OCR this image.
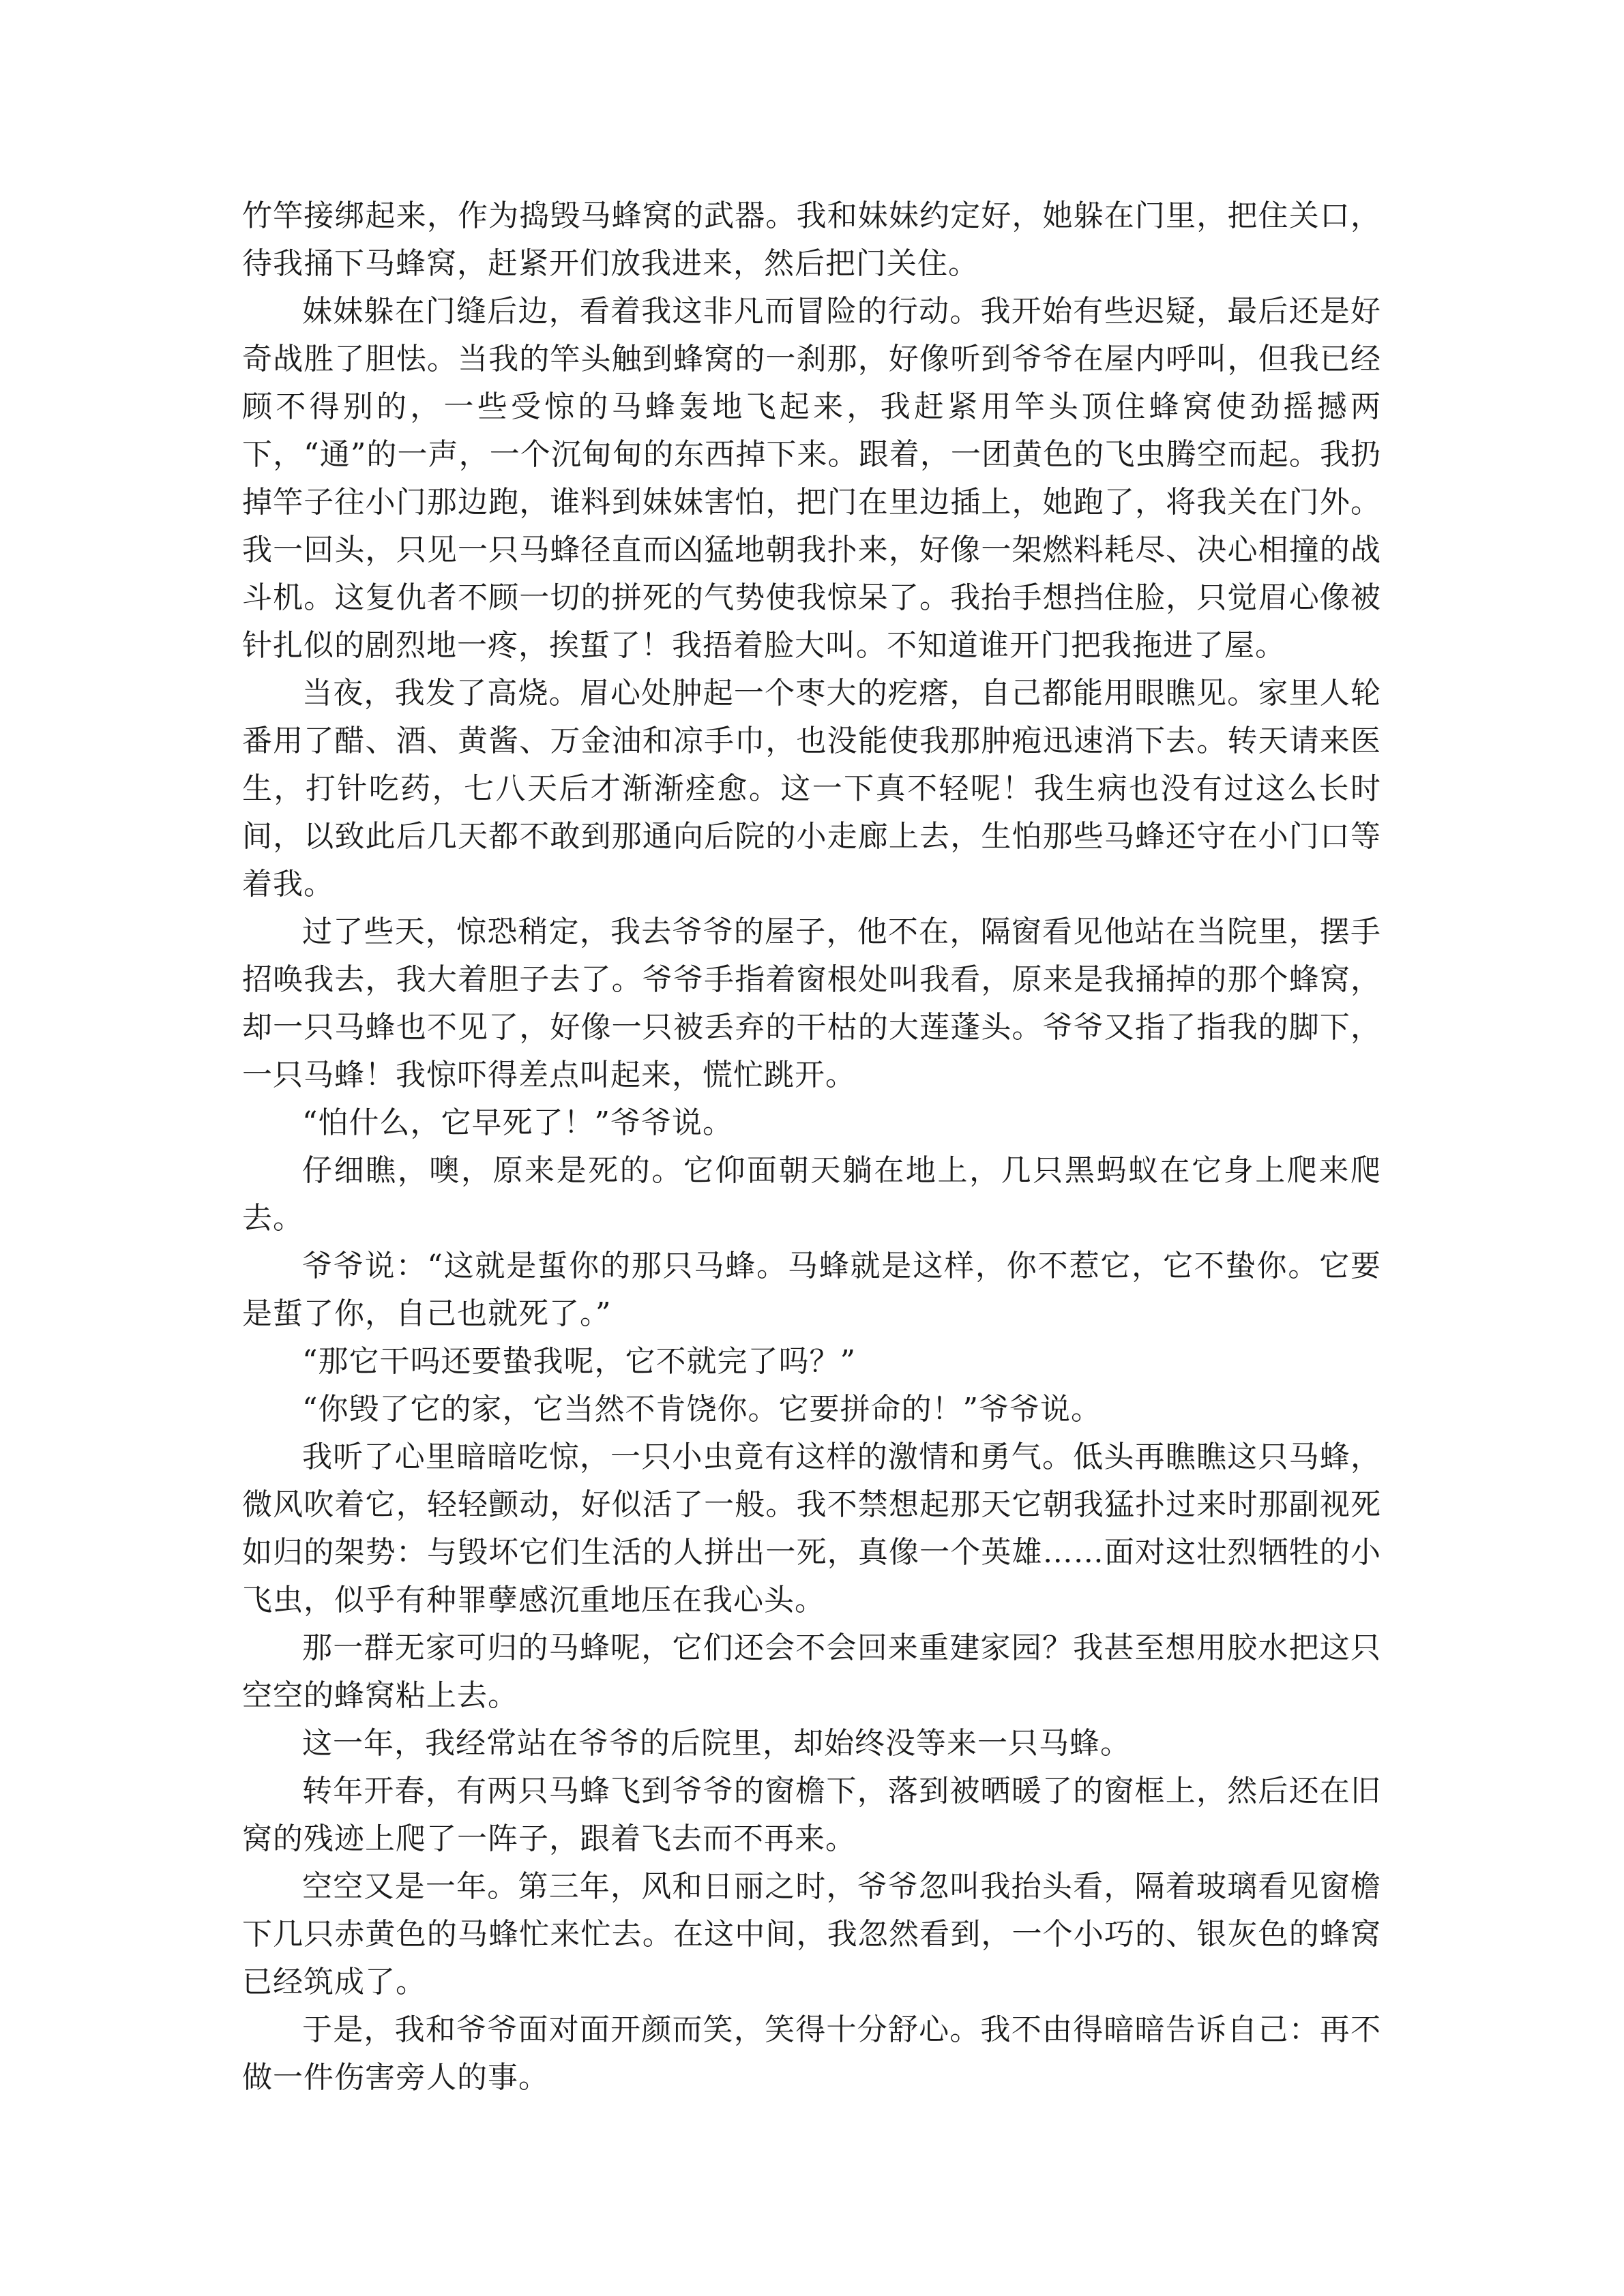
竹竿接绑起来，作为捣毁马蜂窝的武器。我和妹妹约定好，她躲在门里，把住关口，待我捅下马蜂窝，赶紧开们放我进来，然后把门关住。

妹妹躲在门缝后边，看着我这非凡而冒险的行动。我开始有些迟疑，最后还是好奇战胜了胆怯。当我的竿头触到蜂窝的一刹那，好像听到爷爷在屋内呼叫，但我已经顾不得别的，一些受惊的马蜂轰地飞起来，我赶紧用竿头顶住蜂窝使劲摇撼两下，“通”的一声，一个沉甸甸的东西掉下来。跟着，一团黄色的飞虫腾空而起。我扔掉竿子往小门那边跑，谁料到妹妹害怕，把门在里边插上，她跑了，将我关在门外。我一回头，只见一只马蜂径直而凶猛地朝我扑来，好像一架燃料耗尽、决心相撞的战斗机。这复仇者不顾一切的拼死的气势使我惊呆了。我抬手想挡住脸，只觉眉心像被针扎似的剧烈地一疼，挨蜇了！我捂着脸大叫。不知道谁开门把我拖进了屋。

当夜，我发了高烧。眉心处肿起一个枣大的疙瘩，自己都能用眼瞧见。家里人轮番用了醋、酒、黄酱、万金油和凉手巾，也没能使我那肿疱迅速消下去。转天请来医生，打针吃药，七八天后才渐渐痊愈。这一下真不轻呢！我生病也没有过这么长时间，以致此后几天都不敢到那通向后院的小走廊上去，生怕那些马蜂还守在小门口等着我。

过了些天，惊恐稍定，我去爷爷的屋子，他不在，隔窗看见他站在当院里，摆手招唤我去，我大着胆子去了。爷爷手指着窗根处叫我看，原来是我捅掉的那个蜂窝，却一只马蜂也不见了，好像一只被丢弃的干枯的大莲蓬头。爷爷又指了指我的脚下，一只马蜂！我惊吓得差点叫起来，慌忙跳开。

“怕什么，它早死了！”爷爷说。

仔细瞧，噢，原来是死的。它仰面朝天躺在地上，几只黑蚂蚁在它身上爬来爬去。

爷爷说：“这就是蜇你的那只马蜂。马蜂就是这样，你不惹它，它不蛰你。它要是蜇了你，自己也就死了。”

“那它干吗还要蛰我呢，它不就完了吗？”

“你毁了它的家，它当然不肯饶你。它要拼命的！”爷爷说。

我听了心里暗暗吃惊，一只小虫竟有这样的激情和勇气。低头再瞧瞧这只马蜂，微风吹着它，轻轻颤动，好似活了一般。我不禁想起那天它朝我猛扑过来时那副视死如归的架势：与毁坏它们生活的人拼出一死，真像一个英雄……面对这壮烈牺牲的小飞虫，似乎有种罪孽感沉重地压在我心头。

那一群无家可归的马蜂呢，它们还会不会回来重建家园？我甚至想用胶水把这只空空的蜂窝粘上去。

这一年，我经常站在爷爷的后院里，却始终没等来一只马蜂。

转年开春，有两只马蜂飞到爷爷的窗檐下，落到被晒暖了的窗框上，然后还在旧窝的残迹上爬了一阵子，跟着飞去而不再来。

空空又是一年。第三年，风和日丽之时，爷爷忽叫我抬头看，隔着玻璃看见窗檐下几只赤黄色的马蜂忙来忙去。在这中间，我忽然看到，一个小巧的、银灰色的蜂窝已经筑成了。

于是，我和爷爷面对面开颜而笑，笑得十分舒心。我不由得暗暗告诉自己：再不做一件伤害旁人的事。
